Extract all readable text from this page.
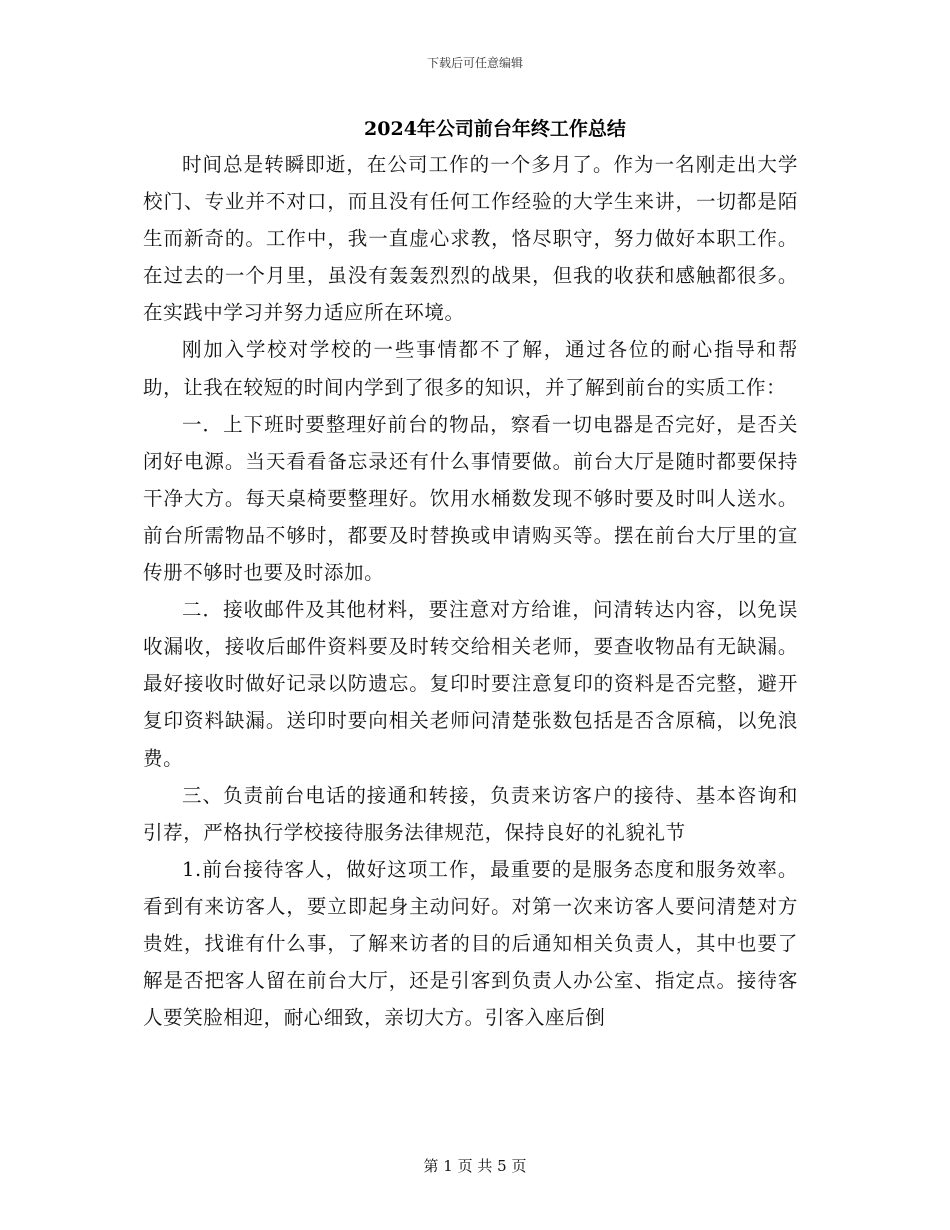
下载后可任意编辑
2024年公司前台年终工作总结

时间总是转瞬即逝，在公司工作的一个多月了。作为一名刚走出大学校门、专业并不对口，而且没有任何工作经验的大学生来讲，一切都是陌生而新奇的。工作中，我一直虚心求教，恪尽职守，努力做好本职工作。在过去的一个月里，虽没有轰轰烈烈的战果，但我的收获和感触都很多。在实践中学习并努力适应所在环境。

刚加入学校对学校的一些事情都不了解，通过各位的耐心指导和帮助，让我在较短的时间内学到了很多的知识，并了解到前台的实质工作：

一．上下班时要整理好前台的物品，察看一切电器是否完好，是否关闭好电源。当天看看备忘录还有什么事情要做。前台大厅是随时都要保持干净大方。每天桌椅要整理好。饮用水桶数发现不够时要及时叫人送水。前台所需物品不够时，都要及时替换或申请购买等。摆在前台大厅里的宣传册不够时也要及时添加。

二．接收邮件及其他材料，要注意对方给谁，问清转达内容，以免误收漏收，接收后邮件资料要及时转交给相关老师，要查收物品有无缺漏。最好接收时做好记录以防遗忘。复印时要注意复印的资料是否完整，避开复印资料缺漏。送印时要向相关老师问清楚张数包括是否含原稿，以免浪费。

三、负责前台电话的接通和转接，负责来访客户的接待、基本咨询和引荐，严格执行学校接待服务法律规范，保持良好的礼貌礼节

1.前台接待客人，做好这项工作，最重要的是服务态度和服务效率。看到有来访客人，要立即起身主动问好。对第一次来访客人要问清楚对方贵姓，找谁有什么事，了解来访者的目的后通知相关负责人，其中也要了解是否把客人留在前台大厅，还是引客到负责人办公室、指定点。接待客人要笑脸相迎，耐心细致，亲切大方。引客入座后倒

第 1 页 共 5 页
